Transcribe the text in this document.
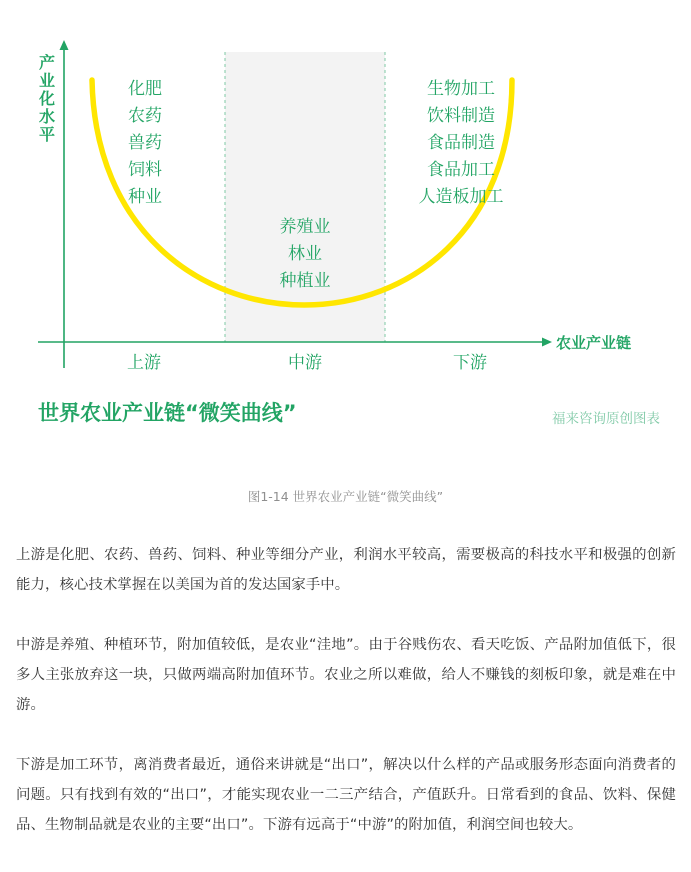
产
业
化
水
平
农业产业链
化肥
农药
兽药
饲料
种业
养殖业
林业
种植业
生物加工
饮料制造
食品制造
食品加工
人造板加工
上游	中游	下游
世界农业产业链“微笑曲线”	福来咨询原创图表
图1-14 世界农业产业链“微笑曲线”

上游是化肥、农药、兽药、饲料、种业等细分产业，利润水平较高，需要极高的科技水平和极强的创新能力，核心技术掌握在以美国为首的发达国家手中。

中游是养殖、种植环节，附加值较低，是农业“洼地”。由于谷贱伤农、看天吃饭、产品附加值低下，很多人主张放弃这一块，只做两端高附加值环节。农业之所以难做，给人不赚钱的刻板印象，就是难在中游。

下游是加工环节，离消费者最近，通俗来讲就是“出口”，解决以什么样的产品或服务形态面向消费者的问题。只有找到有效的“出口”，才能实现农业一二三产结合，产值跃升。日常看到的食品、饮料、保健品、生物制品就是农业的主要“出口”。下游有远高于“中游”的附加值，利润空间也较大。
